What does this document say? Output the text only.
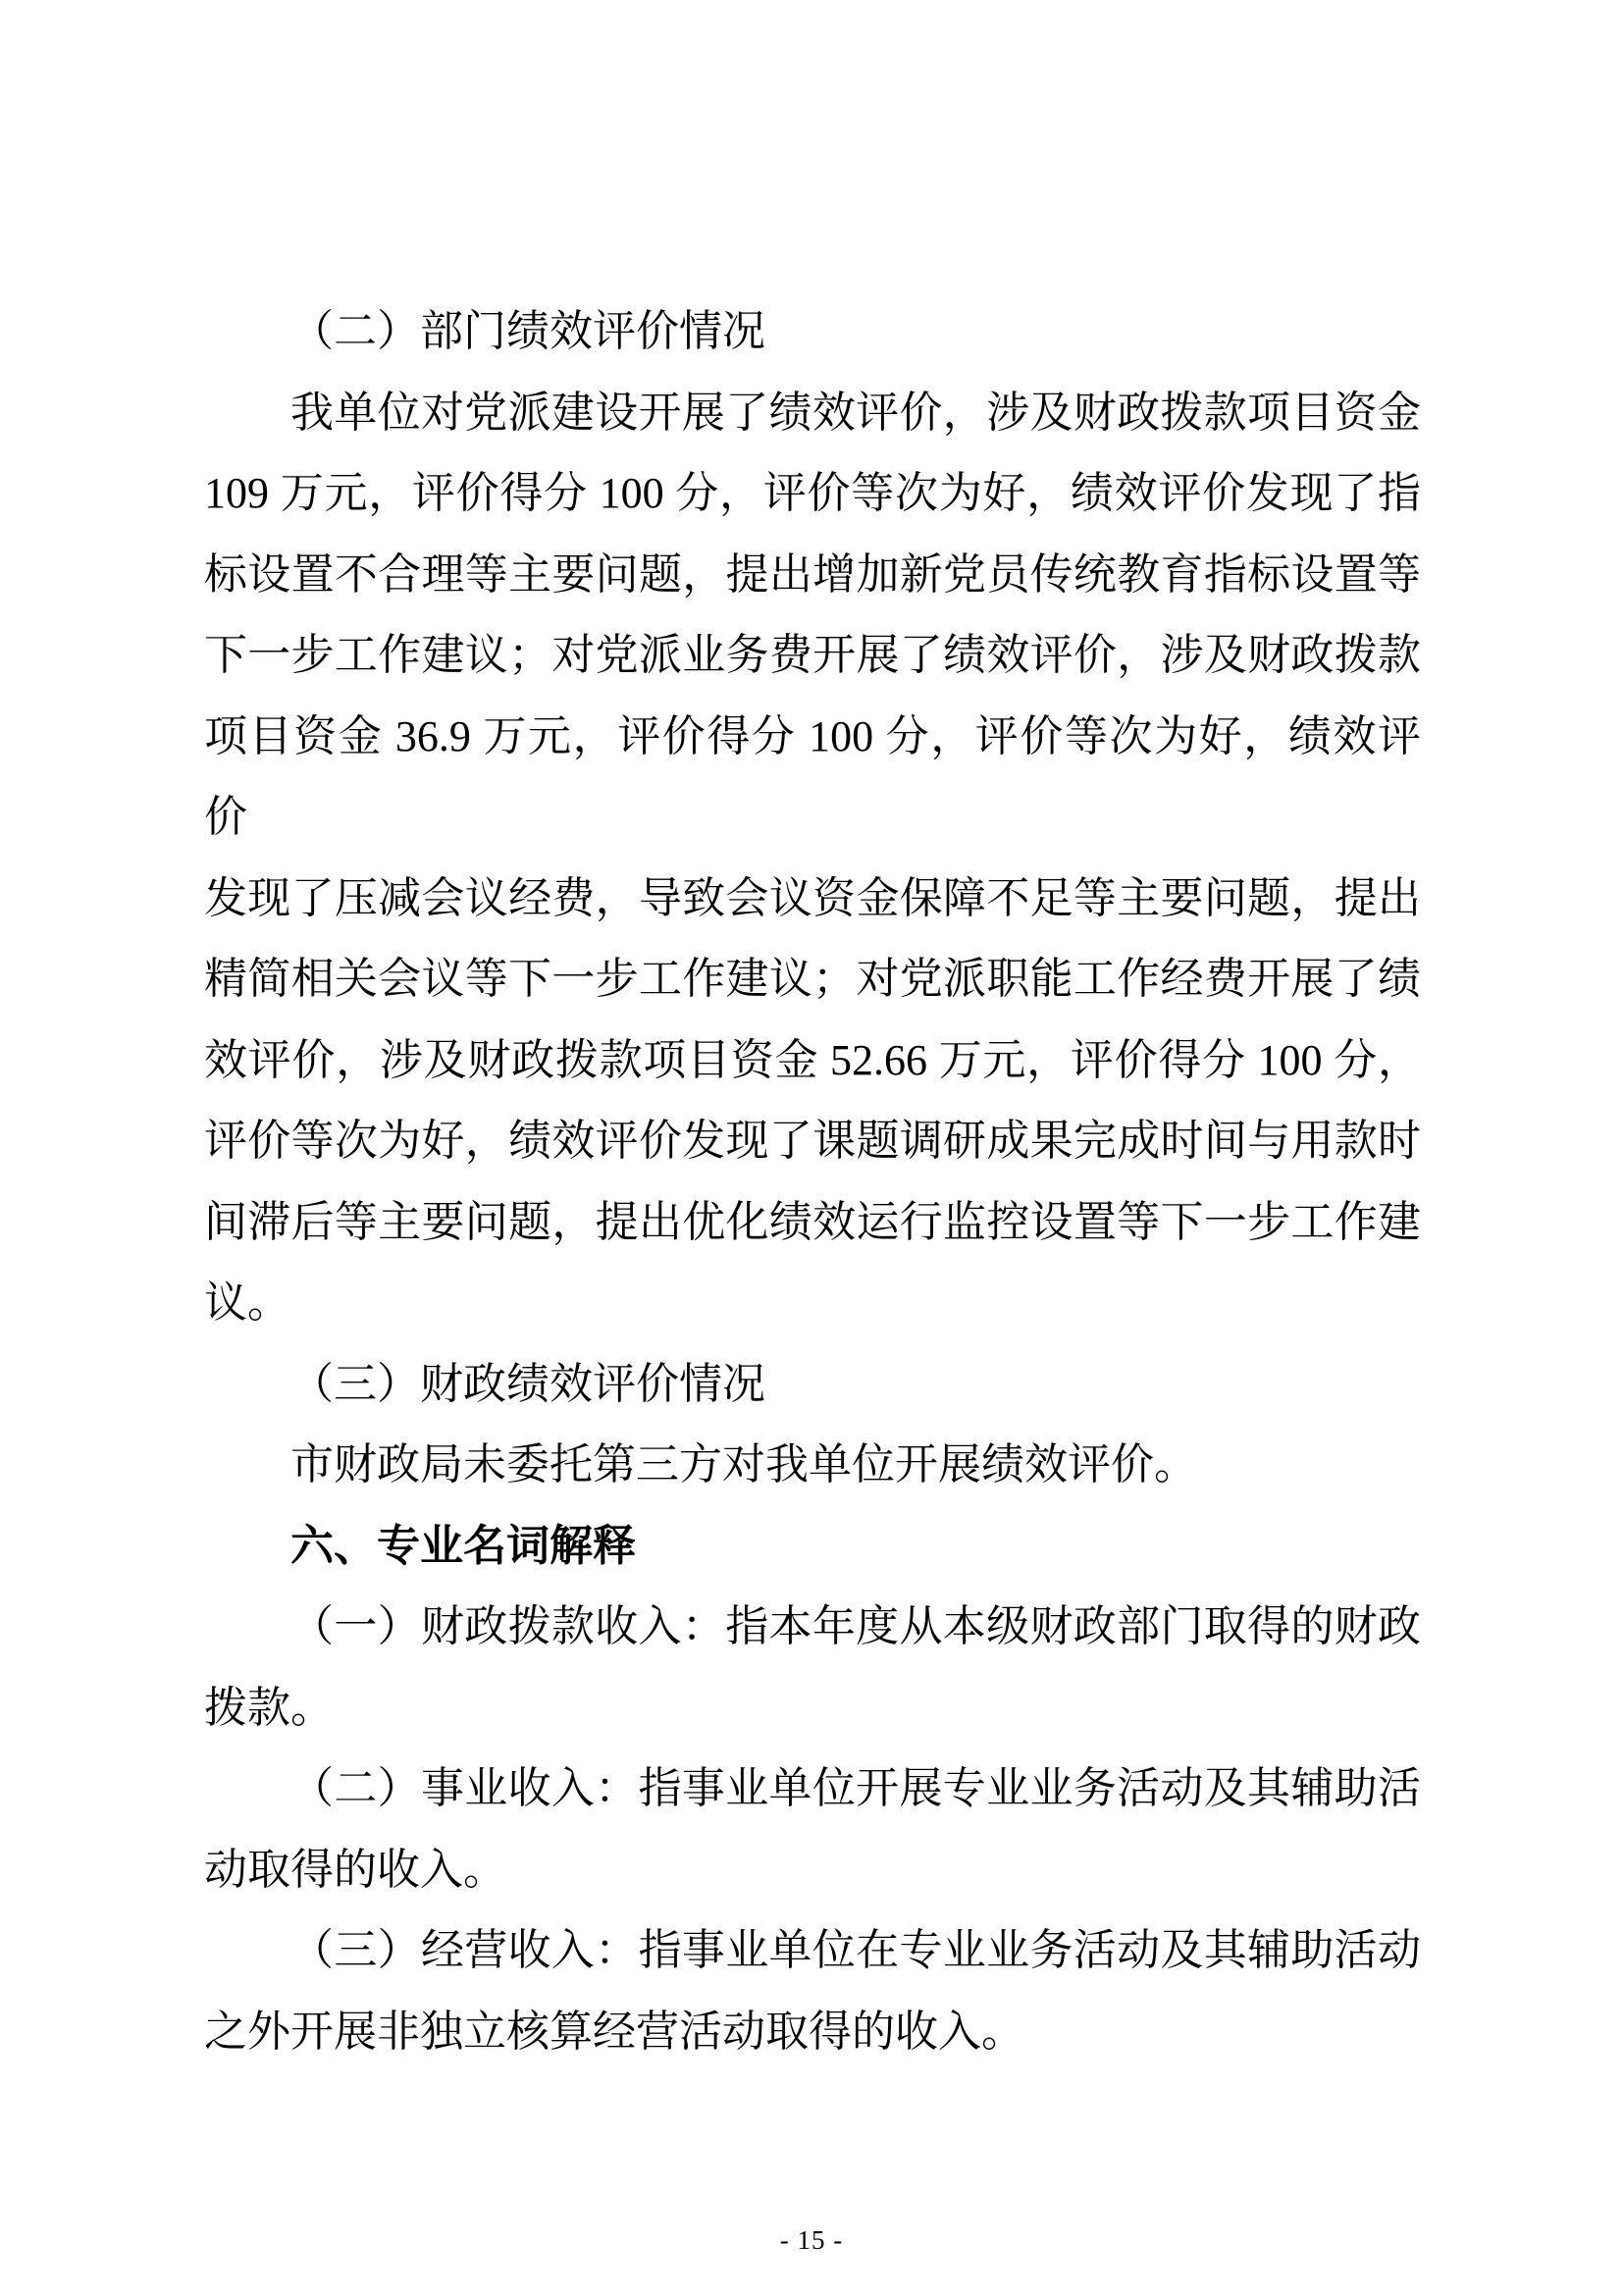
（二）部门绩效评价情况
我单位对党派建设开展了绩效评价，涉及财政拨款项目资金
109 万元，评价得分 100 分，评价等次为好，绩效评价发现了指
标设置不合理等主要问题，提出增加新党员传统教育指标设置等
下一步工作建议；对党派业务费开展了绩效评价，涉及财政拨款
项目资金 36.9 万元，评价得分 100 分，评价等次为好，绩效评价
发现了压减会议经费，导致会议资金保障不足等主要问题，提出
精简相关会议等下一步工作建议；对党派职能工作经费开展了绩
效评价，涉及财政拨款项目资金 52.66 万元，评价得分 100 分，
评价等次为好，绩效评价发现了课题调研成果完成时间与用款时
间滞后等主要问题，提出优化绩效运行监控设置等下一步工作建
议。
（三）财政绩效评价情况
市财政局未委托第三方对我单位开展绩效评价。
六、专业名词解释
（一）财政拨款收入：指本年度从本级财政部门取得的财政
拨款。
（二）事业收入：指事业单位开展专业业务活动及其辅助活
动取得的收入。
（三）经营收入：指事业单位在专业业务活动及其辅助活动
之外开展非独立核算经营活动取得的收入。
- 15 -
